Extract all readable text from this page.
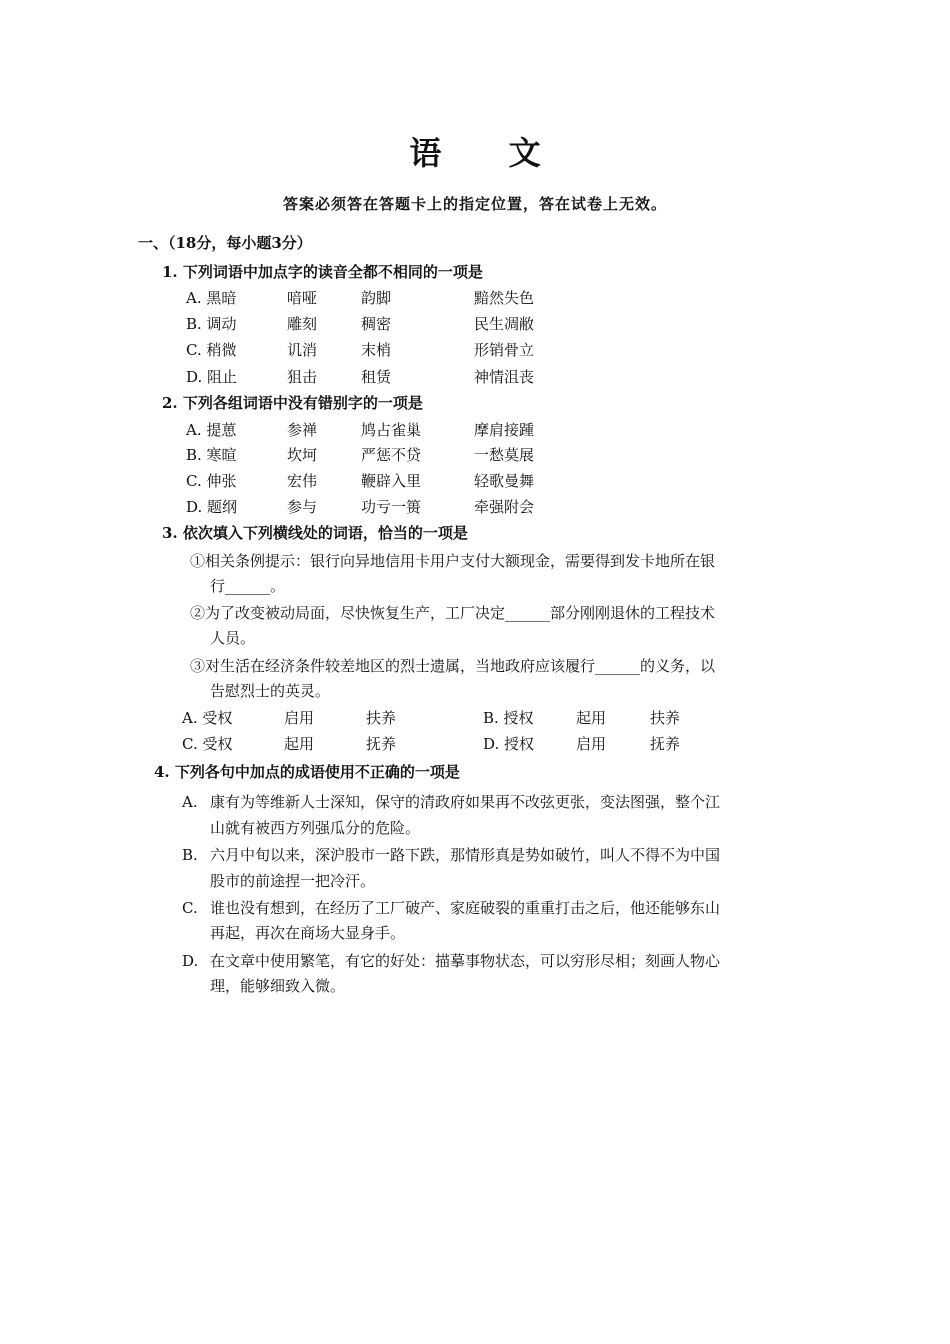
语 文
答案必须答在答题卡上的指定位置，答在试卷上无效。
一、（18分，每小题3分）
1. 下列词语中加点字的读音全都不相同的一项是
A. 黑暗	喑哑	韵脚	黯然失色
B. 调动	雕刻	稠密	民生凋敝
C. 稍微	讥消	末梢	形销骨立
D. 阻止	狙击	租赁	神情沮丧
2. 下列各组词语中没有错别字的一项是
A. 提葸	参禅	鸠占雀巢	摩肩接踵
B. 寒暄	坎坷	严惩不贷	一愁莫展
C. 伸张	宏伟	鞭辟入里	轻歌曼舞
D. 题纲	参与	功亏一篑	牵强附会
3. 依次填入下列横线处的词语，恰当的一项是
①相关条例提示：银行向异地信用卡用户支付大额现金，需要得到发卡地所在银
行______。
②为了改变被动局面，尽快恢复生产，工厂决定______部分刚刚退休的工程技术
人员。
③对生活在经济条件较差地区的烈士遗属，当地政府应该履行______的义务，以
告慰烈士的英灵。
A. 受权	启用	扶养	B. 授权	起用	扶养
C. 受权	起用	抚养	D. 授权	启用	抚养
4. 下列各句中加点的成语使用不正确的一项是
A. 康有为等维新人士深知，保守的清政府如果再不改弦更张，变法图强，整个江
山就有被西方列强瓜分的危险。
B. 六月中旬以来，深沪股市一路下跌，那情形真是势如破竹，叫人不得不为中国
股市的前途捏一把冷汗。
C. 谁也没有想到，在经历了工厂破产、家庭破裂的重重打击之后，他还能够东山
再起，再次在商场大显身手。
D. 在文章中使用繁笔，有它的好处：描摹事物状态，可以穷形尽相；刻画人物心
理，能够细致入微。
